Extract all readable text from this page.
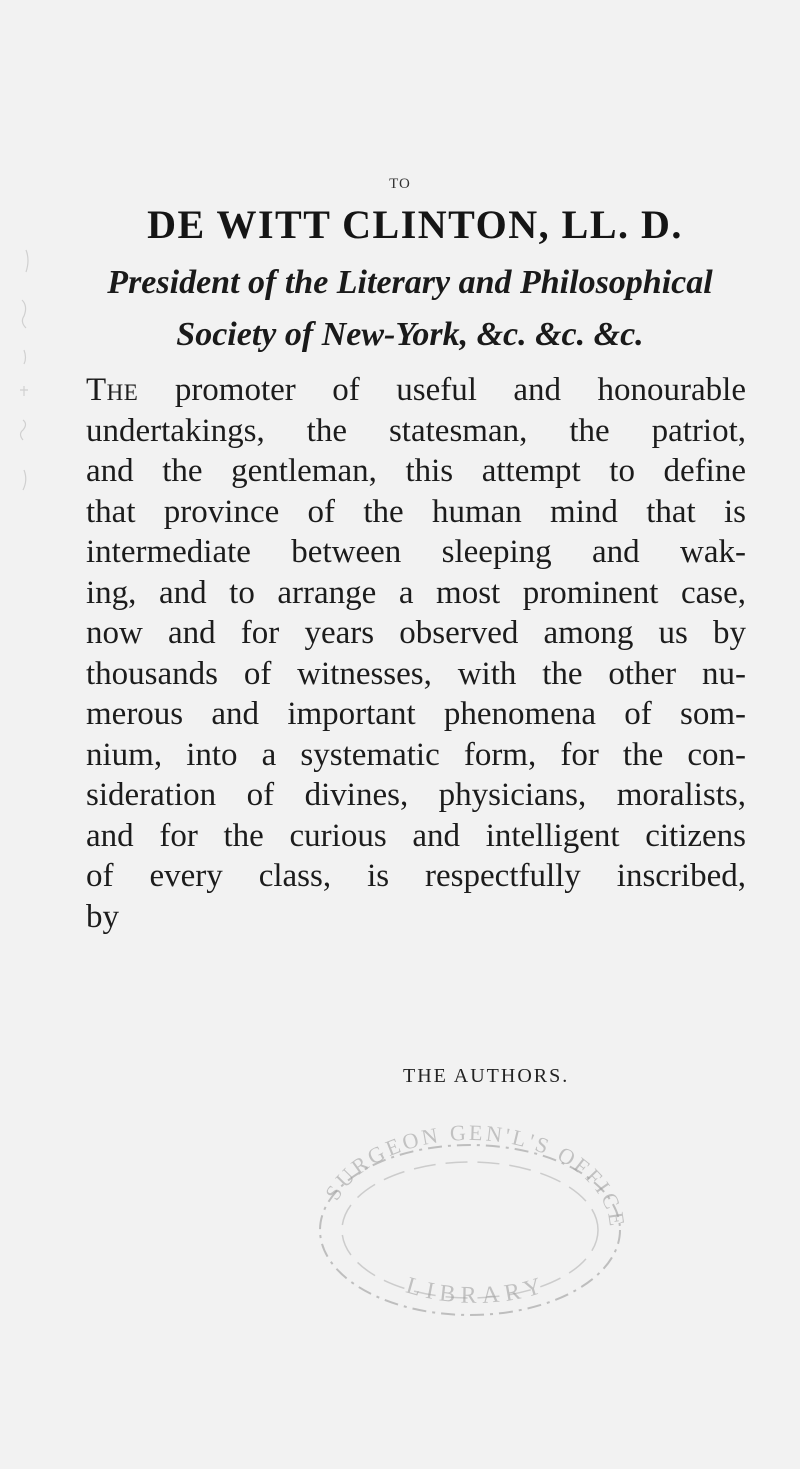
TO
DE WITT CLINTON, LL. D.
President of the Literary and Philosophical
Society of New-York, &c. &c. &c.
The promoter of useful and honourable
undertakings, the statesman, the patriot,
and the gentleman, this attempt to define
that province of the human mind that is
intermediate between sleeping and wak-
ing, and to arrange a most prominent case,
now and for years observed among us by
thousands of witnesses, with the other nu-
merous and important phenomena of som-
nium, into a systematic form, for the con-
sideration of divines, physicians, moralists,
and for the curious and intelligent citizens
of every class, is respectfully inscribed,
by
THE AUTHORS.
SURGEON GEN'L'S OFFICE
LIBRARY
